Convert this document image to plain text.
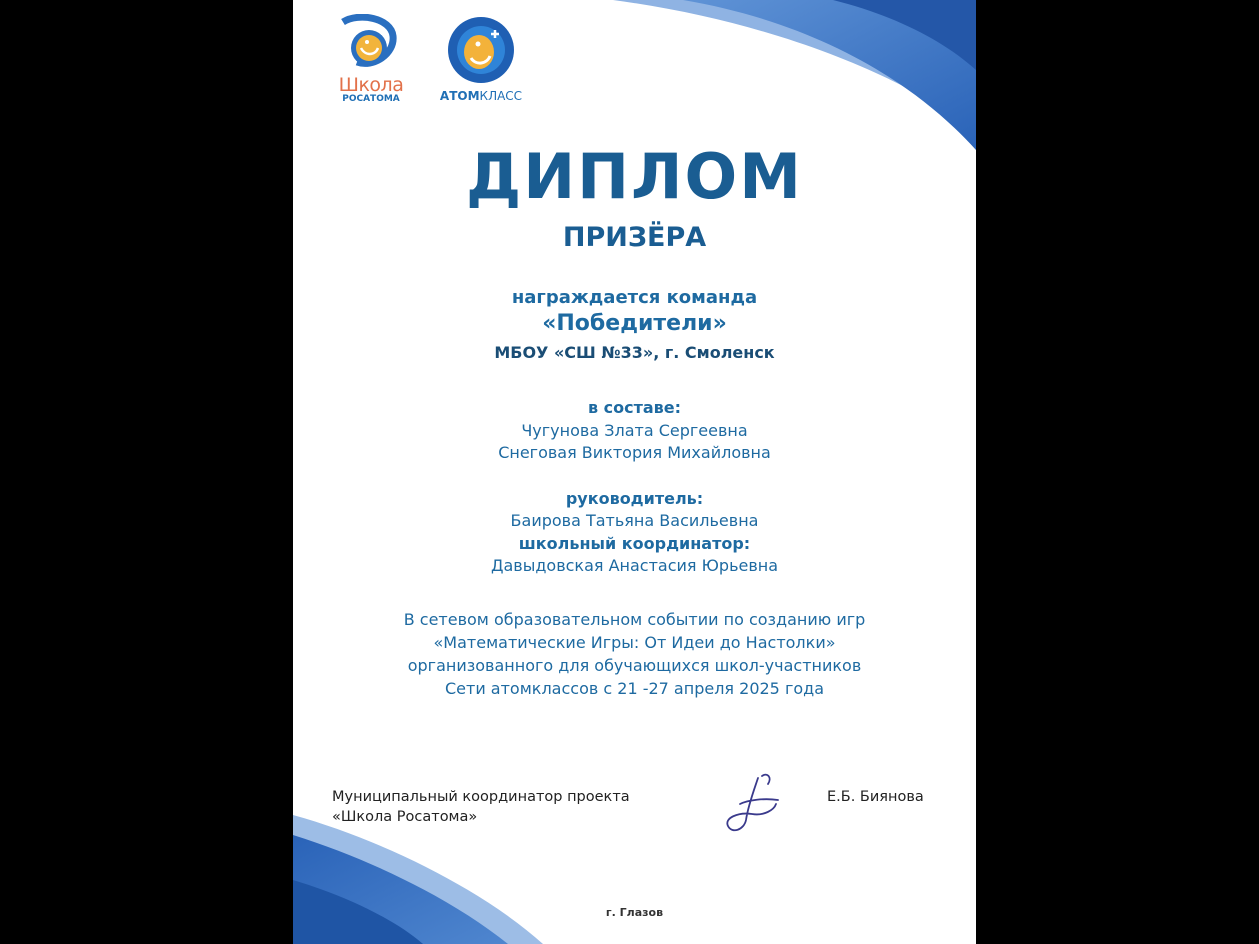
Школа
РОСАТОМА	АТОМКЛАСС
ДИПЛОМ
ПРИЗЁРА
награждается команда
«Победители»
МБОУ «СШ №33», г. Смоленск
в составе:
Чугунова Злата Сергеевна
Снеговая Виктория Михайловна
руководитель:
Баирова Татьяна Васильевна
школьный координатор:
Давыдовская Анастасия Юрьевна
В сетевом образовательном событии по созданию игр
«Математические Игры: От Идеи до Настолки»
организованного для обучающихся школ-участников
Сети атомклассов с 21 -27 апреля 2025 года
Муниципальный координатор проекта
«Школа Росатома»
Е.Б. Биянова
г. Глазов
